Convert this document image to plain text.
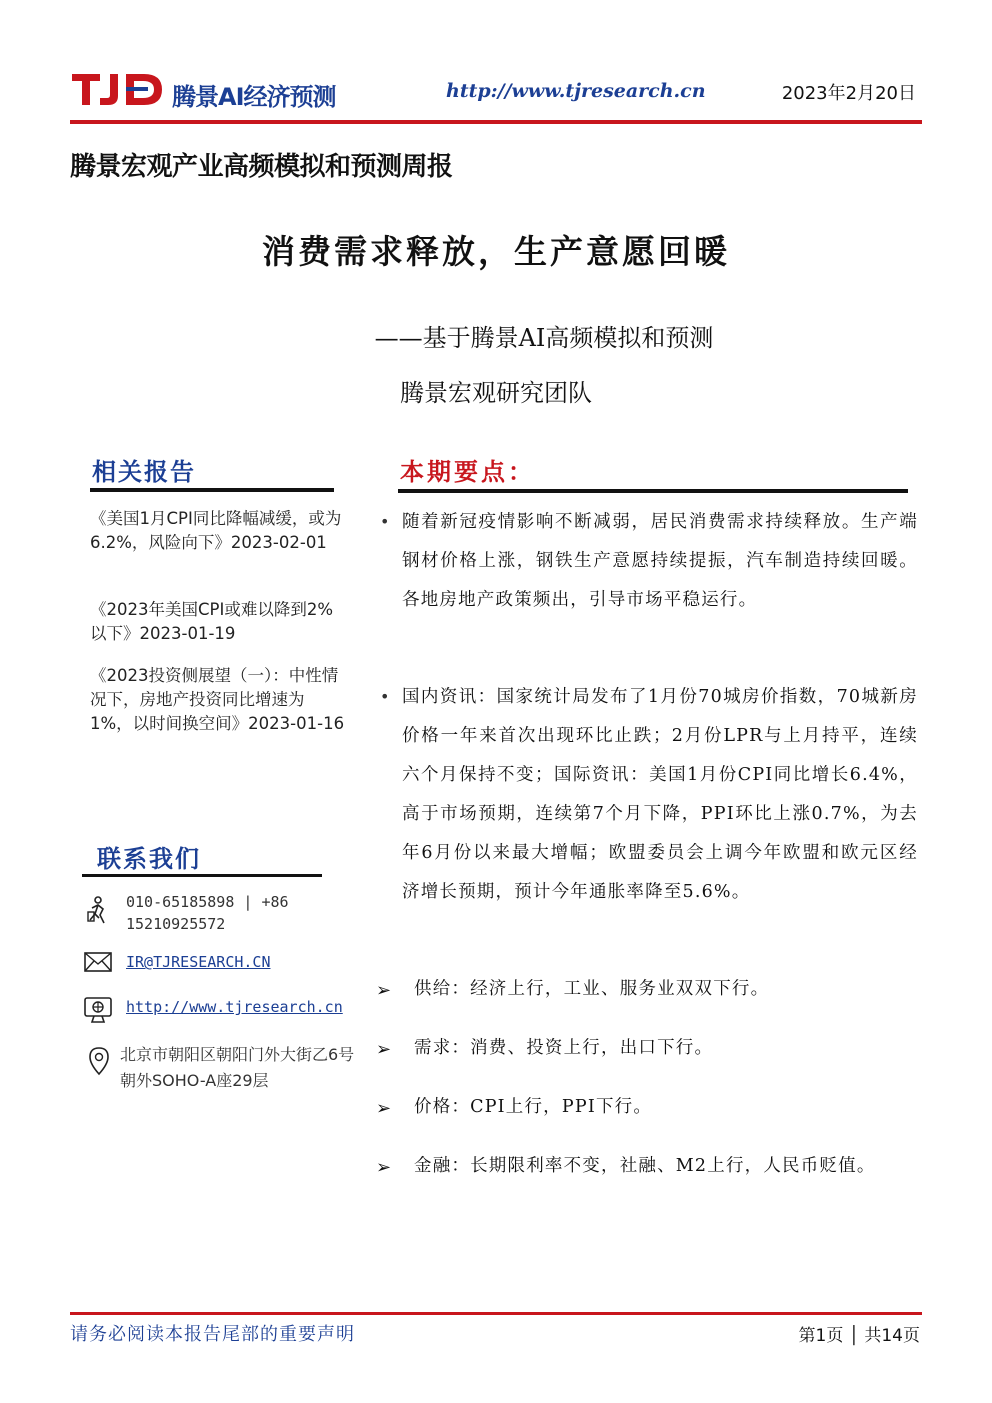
腾景AI经济预测	http://www.tjresearch.cn	2023年2月20日
腾景宏观产业高频模拟和预测周报
消费需求释放，生产意愿回暖
——基于腾景AI高频模拟和预测
腾景宏观研究团队
相关报告
《美国1月CPI同比降幅减缓，或为6.2%，风险向下》2023-02-01
《2023年美国CPI或难以降到2%以下》2023-01-19
《2023投资侧展望（一）：中性情况下，房地产投资同比增速为1%，以时间换空间》2023-01-16
联系我们
010-65185898 | +86 15210925572
IR@TJRESEARCH.CN
http://www.tjresearch.cn
北京市朝阳区朝阳门外大街乙6号朝外SOHO-A座29层
本期要点：
• 随着新冠疫情影响不断减弱，居民消费需求持续释放。生产端钢材价格上涨，钢铁生产意愿持续提振，汽车制造持续回暖。各地房地产政策频出，引导市场平稳运行。
• 国内资讯：国家统计局发布了1月份70城房价指数，70城新房价格一年来首次出现环比止跌；2月份LPR与上月持平，连续六个月保持不变；国际资讯：美国1月份CPI同比增长6.4%，高于市场预期，连续第7个月下降，PPI环比上涨0.7%，为去年6月份以来最大增幅；欧盟委员会上调今年欧盟和欧元区经济增长预期，预计今年通胀率降至5.6%。
➢ 供给：经济上行，工业、服务业双双下行。
➢ 需求：消费、投资上行，出口下行。
➢ 价格：CPI上行，PPI下行。
➢ 金融：长期限利率不变，社融、M2上行，人民币贬值。
请务必阅读本报告尾部的重要声明	第1页 │ 共14页
